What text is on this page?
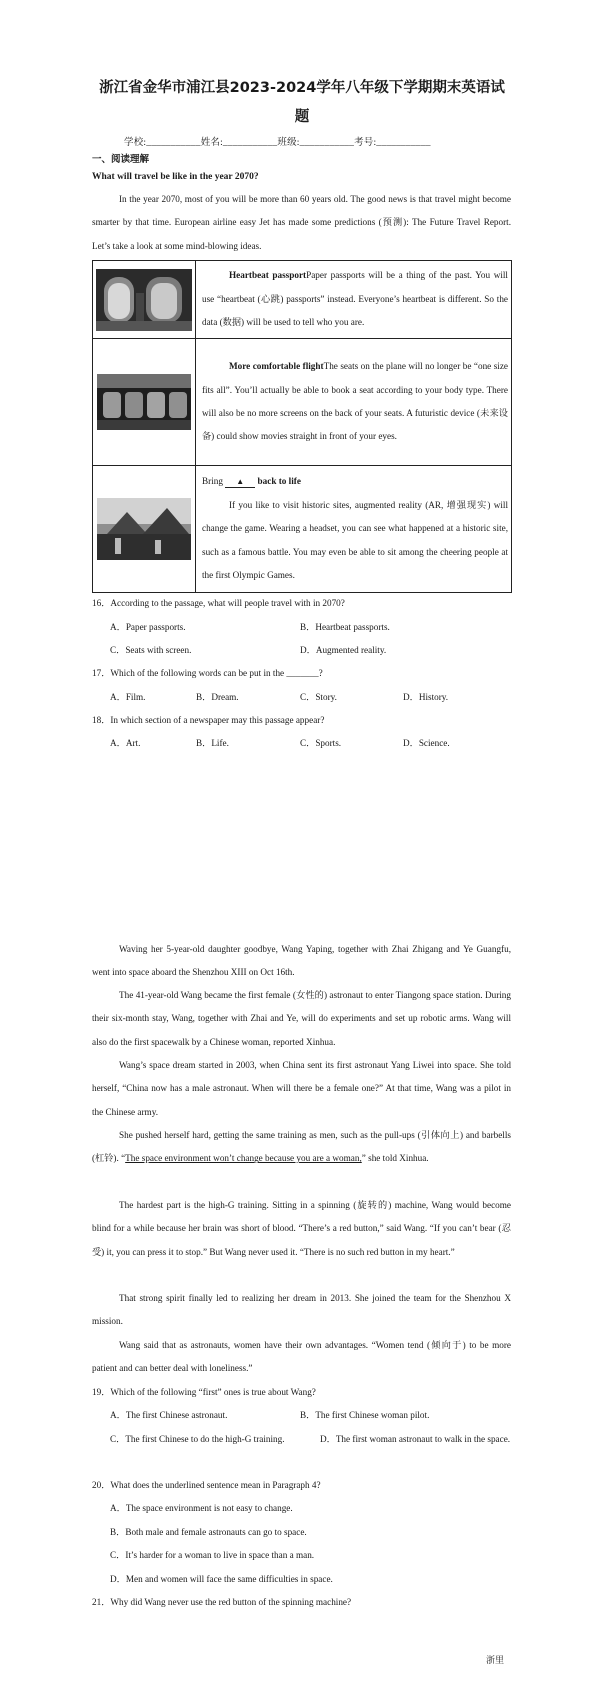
浙江省金华市浦江县2023-2024学年八年级下学期期末英语试
题
学校:___________姓名:___________班级:___________考号:___________
一、阅读理解
What will travel be like in the year 2070?
In the year 2070, most of you will be more than 60 years old. The good news is that travel might become smarter by that time. European airline easy Jet has made some predictions (预测): The Future Travel Report. Let’s take a look at some mind-blowing ideas.
	Heartbeat passportPaper passports will be a thing of the past. You will use “heartbeat (心跳) passports” instead. Everyone’s heartbeat is different. So the data (数据) will be used to tell who you are.

	More comfortable flightThe seats on the plane will no longer be “one size fits all”. You’ll actually be able to book a seat according to your body type. There will also be no more screens on the back of your seats. A futuristic device (未来设备) could show movies straight in front of your eyes.

Bring ▲ back to life
If you like to visit historic sites, augmented reality (AR, 增强现实) will change the game. Wearing a headset, you can see what happened at a historic site, such as a famous battle. You may even be able to sit among the cheering people at the first Olympic Games.
16．According to the passage, what will people travel with in 2070?
A．Paper passports.	B．Heartbeat passports.
C．Seats with screen.	D．Augmented reality.
17．Which of the following words can be put in the _______?
A．Film.	B．Dream.	C．Story.	D．History.
18．In which section of a newspaper may this passage appear?
A．Art.	B．Life.	C．Sports.	D．Science.
Waving her 5-year-old daughter goodbye, Wang Yaping, together with Zhai Zhigang and Ye Guangfu, went into space aboard the Shenzhou XIII on Oct 16th.
The 41-year-old Wang became the first female (女性的) astronaut to enter Tiangong space station. During their six-month stay, Wang, together with Zhai and Ye, will do experiments and set up robotic arms. Wang will also do the first spacewalk by a Chinese woman, reported Xinhua.
Wang’s space dream started in 2003, when China sent its first astronaut Yang Liwei into space. She told herself, “China now has a male astronaut. When will there be a female one?” At that time, Wang was a pilot in the Chinese army.
She pushed herself hard, getting the same training as men, such as the pull-ups (引体向上) and barbells (杠铃). “The space environment won’t change because you are a woman,” she told Xinhua.
The hardest part is the high-G training. Sitting in a spinning (旋转的) machine, Wang would become blind for a while because her brain was short of blood. “There’s a red button,” said Wang. “If you can’t bear (忍受) it, you can press it to stop.” But Wang never used it. “There is no such red button in my heart.”
That strong spirit finally led to realizing her dream in 2013. She joined the team for the Shenzhou X mission.
Wang said that as astronauts, women have their own advantages. “Women tend (倾向于) to be more patient and can better deal with loneliness.”
19．Which of the following “first” ones is true about Wang?
A．The first Chinese astronaut.	B．The first Chinese woman pilot.
C．The first Chinese to do the high-G training.	D．The first woman astronaut to walk in the space.
20．What does the underlined sentence mean in Paragraph 4?
A．The space environment is not easy to change.
B．Both male and female astronauts can go to space.
C．It’s harder for a woman to live in space than a man.
D．Men and women will face the same difficulties in space.
21．Why did Wang never use the red button of the spinning machine?
浙里
